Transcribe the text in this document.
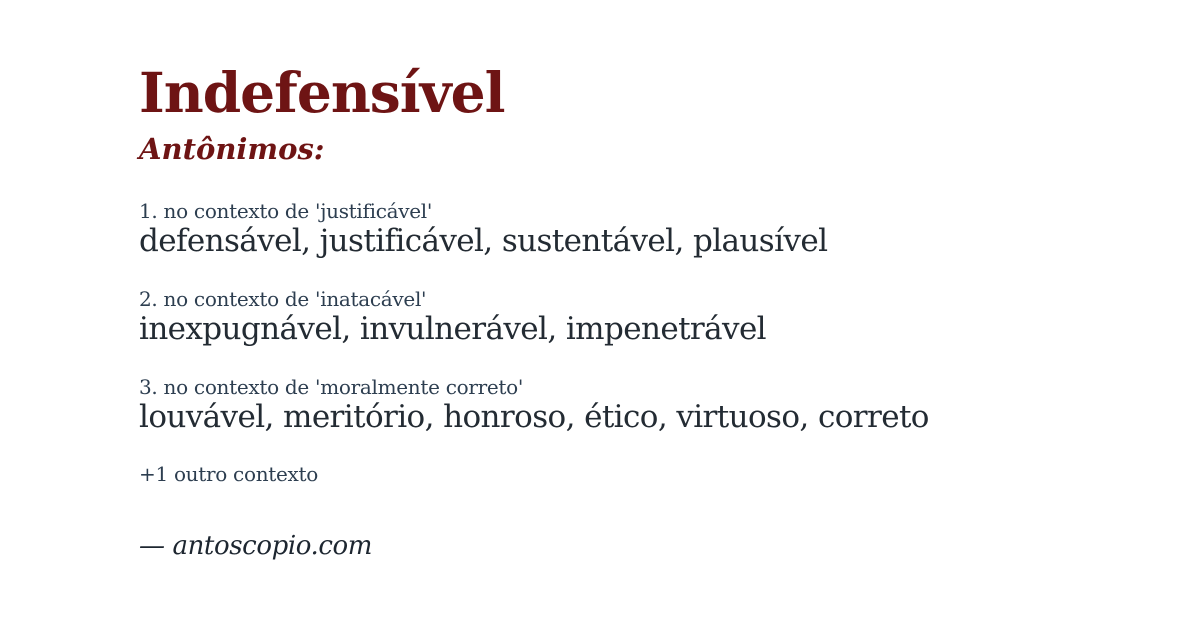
Indefensível
Antônimos:
1. no contexto de 'justificável'
defensável, justificável, sustentável, plausível
2. no contexto de 'inatacável'
inexpugnável, invulnerável, impenetrável
3. no contexto de 'moralmente correto'
louvável, meritório, honroso, ético, virtuoso, correto
+1 outro contexto
— antoscopio.com
